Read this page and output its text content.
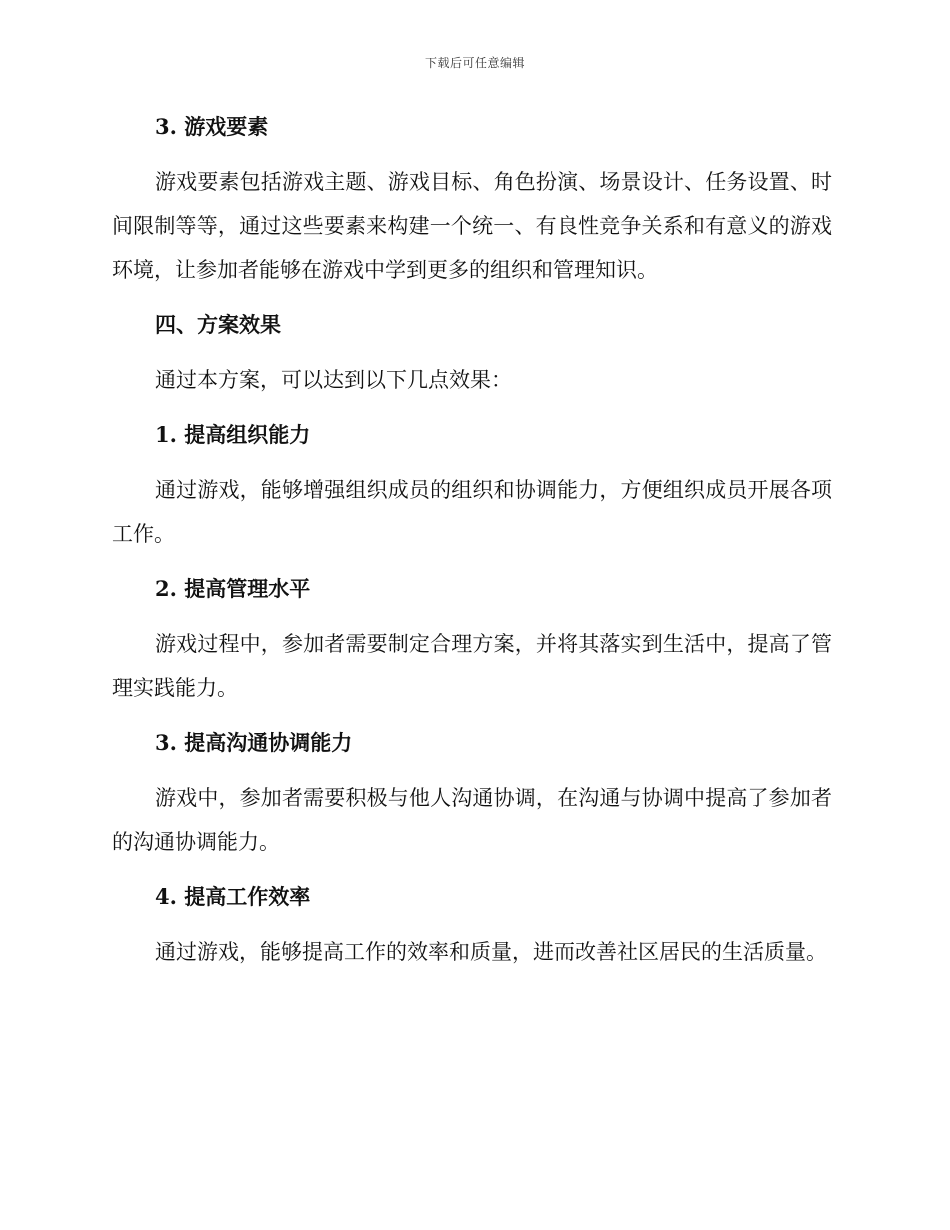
下载后可任意编辑
3. 游戏要素

游戏要素包括游戏主题、游戏目标、角色扮演、场景设计、任务设置、时间限制等等，通过这些要素来构建一个统一、有良性竞争关系和有意义的游戏环境，让参加者能够在游戏中学到更多的组织和管理知识。

四、方案效果

通过本方案，可以达到以下几点效果：

1. 提高组织能力

通过游戏，能够增强组织成员的组织和协调能力，方便组织成员开展各项工作。

2. 提高管理水平

游戏过程中，参加者需要制定合理方案，并将其落实到生活中，提高了管理实践能力。

3. 提高沟通协调能力

游戏中，参加者需要积极与他人沟通协调，在沟通与协调中提高了参加者的沟通协调能力。

4. 提高工作效率

通过游戏，能够提高工作的效率和质量，进而改善社区居民的生活质量。
